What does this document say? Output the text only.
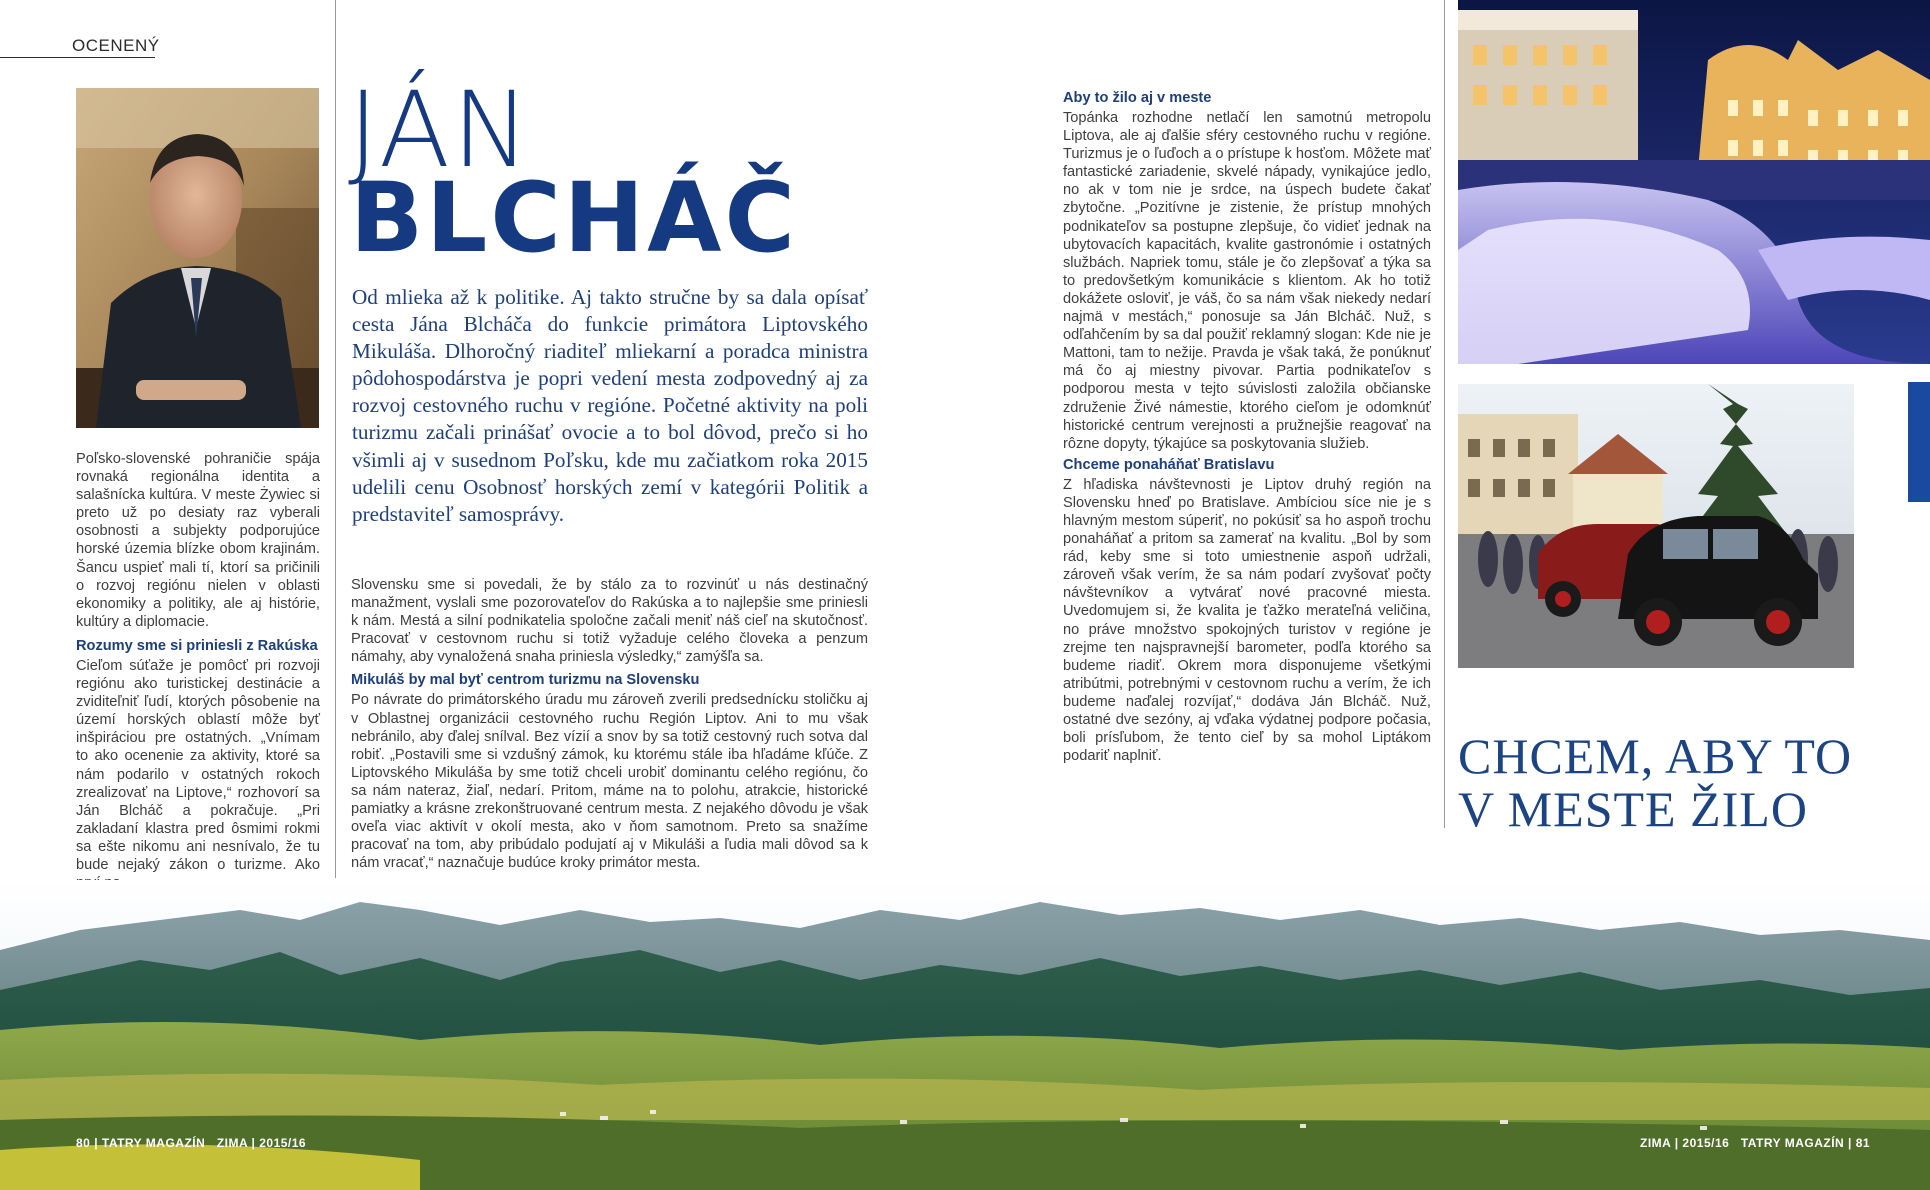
OCENENÝ

Poľsko-slovenské pohraničie spája rovnaká regionálna identita a salašnícka kultúra. V meste Żywiec si preto už po desiaty raz vyberali osobnosti a subjekty podporujúce horské územia blízke obom krajinám. Šancu uspieť mali tí, ktorí sa pričinili o rozvoj regiónu nielen v oblasti ekonomiky a politiky, ale aj histórie, kultúry a diplomacie.

Rozumy sme si priniesli z Rakúska

Cieľom súťaže je pomôcť pri rozvoji regiónu ako turistickej destinácie a zviditeľniť ľudí, ktorých pôsobenie na území horských oblastí môže byť inšpiráciou pre ostatných. „Vnímam to ako ocenenie za aktivity, ktoré sa nám podarilo v ostatných rokoch zrealizovať na Liptove,“ rozhovorí sa Ján Blcháč a pokračuje. „Pri zakladaní klastra pred ôsmimi rokmi sa ešte nikomu ani nesnívalo, že tu bude nejaký zákon o turizme. Ako

JÁN
BLCHÁČ
Od mlieka až k politike. Aj takto stručne by sa dala opísať cesta Jána Blcháča do funkcie primátora Liptovského Mikuláša. Dlhoročný riaditeľ mliekarní a poradca ministra pôdohospodárstva je popri vedení mesta zodpovedný aj za rozvoj cestovného ruchu v regióne. Početné aktivity na poli turizmu začali prinášať ovocie a to bol dôvod, prečo si ho všimli aj v susednom Poľsku, kde mu začiatkom roka 2015 udelili cenu Osobnosť horských zemí v kategórii Politik a predstaviteľ samosprávy.

Slovensku sme si povedali, že by stálo za to rozvinúť u nás destinačný manažment, vyslali sme pozorovateľov do Rakúska a to najlepšie sme priniesli k nám. Mestá a silní podnikatelia spoločne začali meniť náš cieľ na skutočnosť. Pracovať v cestovnom ruchu si totiž vyžaduje celého človeka a penzum námahy, aby vynaložená snaha priniesla výsledky,“ zamýšľa sa.

Mikuláš by mal byť centrom turizmu na Slovensku

Po návrate do primátorského úradu mu zároveň zverili predsednícku stoličku aj v Oblastnej organizácii cestovného ruchu Región Liptov. Ani to mu však nebránilo, aby ďalej snílval. Bez vízií a snov by sa totiž cestovný ruch sotva dal robiť. „Postavili sme si vzdušný zámok, ku ktorému stále iba hľadáme kľúče. Z Liptovského Mikuláša by sme totiž chceli urobiť dominantu celého regiónu, čo sa nám nateraz, žiaľ, nedarí. Pritom, máme na to polohu, atrakcie, historické pamiatky a krásne zrekonštruované centrum mesta. Z nejakého dôvodu je však oveľa viac aktivít v okolí mesta, ako v ňom samotnom. Preto sa snažíme pracovať na tom, aby pribúdalo podujatí aj v Mikuláši a ľudia mali dôvod sa k nám vracať,“ naznačuje budúce kroky primátor mesta.

Aby to žilo aj v meste

Topánka rozhodne netlačí len samotnú metropolu Liptova, ale aj ďalšie sféry cestovného ruchu v regióne. Turizmus je o ľuďoch a o prístupe k hosťom. Môžete mať fantastické zariadenie, skvelé nápady, vynikajúce jedlo, no ak v tom nie je srdce, na úspech budete čakať zbytočne. „Pozitívne je zistenie, že prístup mnohých podnikateľov sa postupne zlepšuje, čo vidieť jednak na ubytovacích kapacitách, kvalite gastronómie i ostatných službách. Napriek tomu, stále je čo zlepšovať a týka sa to predovšetkým komunikácie s klientom. Ak ho totiž dokážete osloviť, je váš, čo sa nám však niekedy nedarí najmä v mestách,“ ponosuje sa Ján Blcháč. Nuž, s odľahčením by sa dal použiť reklamný slogan: Kde nie je Mattoni, tam to nežije. Pravda je však taká, že ponúknuť má čo aj miestny pivovar. Partia podnikateľov s podporou mesta v tejto súvislosti založila občianske združenie Živé námestie, ktorého cieľom je odomknúť historické centrum verejnosti a pružnejšie reagovať na rôzne dopyty, týkajúce sa poskytovania služieb.

Chceme ponaháňať Bratislavu

Z hľadiska návštevnosti je Liptov druhý región na Slovensku hneď po Bratislave. Ambíciou síce nie je s hlavným mestom súperiť, no pokúsiť sa ho aspoň trochu ponaháňať a pritom sa zamerať na kvalitu. „Bol by som rád, keby sme si toto umiestnenie aspoň udržali, zároveň však verím, že sa nám podarí zvyšovať počty návštevníkov a vytvárať nové pracovné miesta. Uvedomujem si, že kvalita je ťažko merateľná veličina, no práve množstvo spokojných turistov v regióne je zrejme ten najspravnejší barometer, podľa ktorého sa budeme riadiť. Okrem mora disponujeme všetkými atribútmi, potrebnými v cestovnom ruchu a verím, že ich budeme naďalej rozvíjať,“ dodáva Ján Blcháč. Nuž, ostatné dve sezóny, aj vďaka výdatnej podpore počasia, boli prísľubom, že tento cieľ by sa mohol Liptákom podariť naplniť.	CHCEM, ABY TO
V MESTE ŽILO
80 | TATRY MAGAZÍN ZIMA | 2015/16	ZIMA | 2015/16 TATRY MAGAZÍN | 81
